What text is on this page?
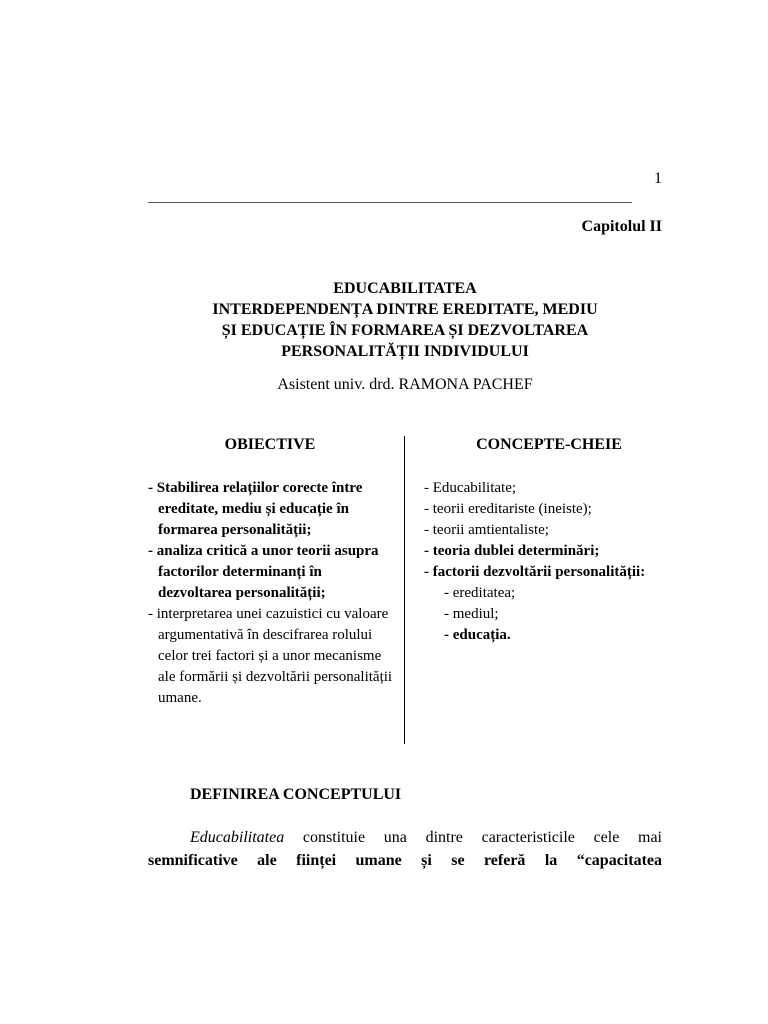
1
Capitolul II
EDUCABILITATEA
INTERDEPENDENȚA DINTRE EREDITATE, MEDIU
ȘI EDUCAȚIE ÎN FORMAREA ȘI DEZVOLTAREA
PERSONALITĂȚII INDIVIDULUI
Asistent univ. drd. RAMONA PACHEF
OBIECTIVE	CONCEPTE-CHEIE
- Stabilirea relațiilor corecte între ereditate, mediu și educație în formarea personalității;
- analiza critică a unor teorii asupra factorilor determinanți în dezvoltarea personalității;
- interpretarea unei cazuistici cu valoare argumentativă în descifrarea rolului celor trei factori și a unor mecanisme ale formării și dezvoltării personalității umane.
- Educabilitate;
- teorii ereditariste (ineiste);
- teorii amtientaliste;
- teoria dublei determinări;
- factorii dezvoltării personalității:
- ereditatea;
- mediul;
- educația.
DEFINIREA CONCEPTULUI
Educabilitatea constituie una dintre caracteristicile cele mai
semnificative ale ființei umane și se referă la “capacitatea
